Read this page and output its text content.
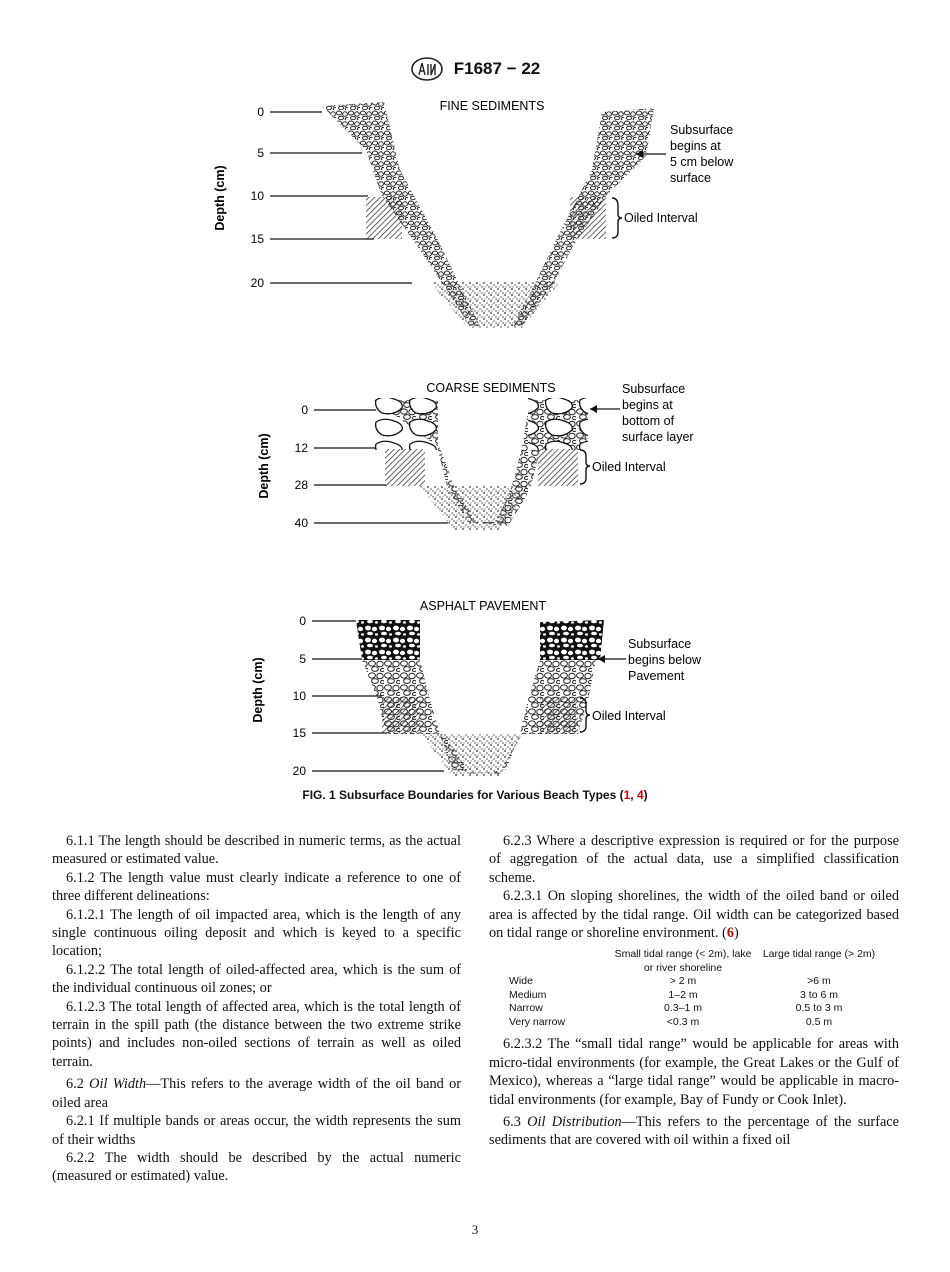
F1687 − 22
FINE SEDIMENTS
Depth (cm)
0
5
10
15
20
Oiled Interval
Subsurface begins at 5 cm below surface
COARSE SEDIMENTS
Depth (cm)
0
12
28
40
Oiled Interval
Subsurface begins at bottom of surface layer
ASPHALT PAVEMENT
Depth (cm)
0
5
10
15
20
Oiled Interval
Subsurface begins below Pavement
FIG. 1 Subsurface Boundaries for Various Beach Types (1, 4)

6.1.1 The length should be described in numeric terms, as the actual measured or estimated value.

6.1.2 The length value must clearly indicate a reference to one of three different delineations:

6.1.2.1 The length of oil impacted area, which is the length of any single continuous oiling deposit and which is keyed to a specific location;

6.1.2.2 The total length of oiled-affected area, which is the sum of the individual continuous oil zones; or

6.1.2.3 The total length of affected area, which is the total length of terrain in the spill path (the distance between the two extreme strike points) and includes non-oiled sections of terrain as well as oiled terrain.

6.2 Oil Width—This refers to the average width of the oil band or oiled area

6.2.1 If multiple bands or areas occur, the width represents the sum of their widths

6.2.2 The width should be described by the actual numeric (measured or estimated) value.

6.2.3 Where a descriptive expression is required or for the purpose of aggregation of the actual data, use a simplified classification scheme.

6.2.3.1 On sloping shorelines, the width of the oiled band or oiled area is affected by the tidal range. Oil width can be categorized based on tidal range or shoreline environment. (6)

	Small tidal range (< 2m), lake or river shoreline	Large tidal range (> 2m)
Wide	> 2 m	>6 m
Medium	1–2 m	3 to 6 m
Narrow	0.3–1 m	0.5 to 3 m
Very narrow	<0.3 m	0.5 m

6.2.3.2 The “small tidal range” would be applicable for areas with micro-tidal environments (for example, the Great Lakes or the Gulf of Mexico), whereas a “large tidal range” would be applicable in macro-tidal environments (for example, Bay of Fundy or Cook Inlet).

6.3 Oil Distribution—This refers to the percentage of the surface sediments that are covered with oil within a fixed oil

3
